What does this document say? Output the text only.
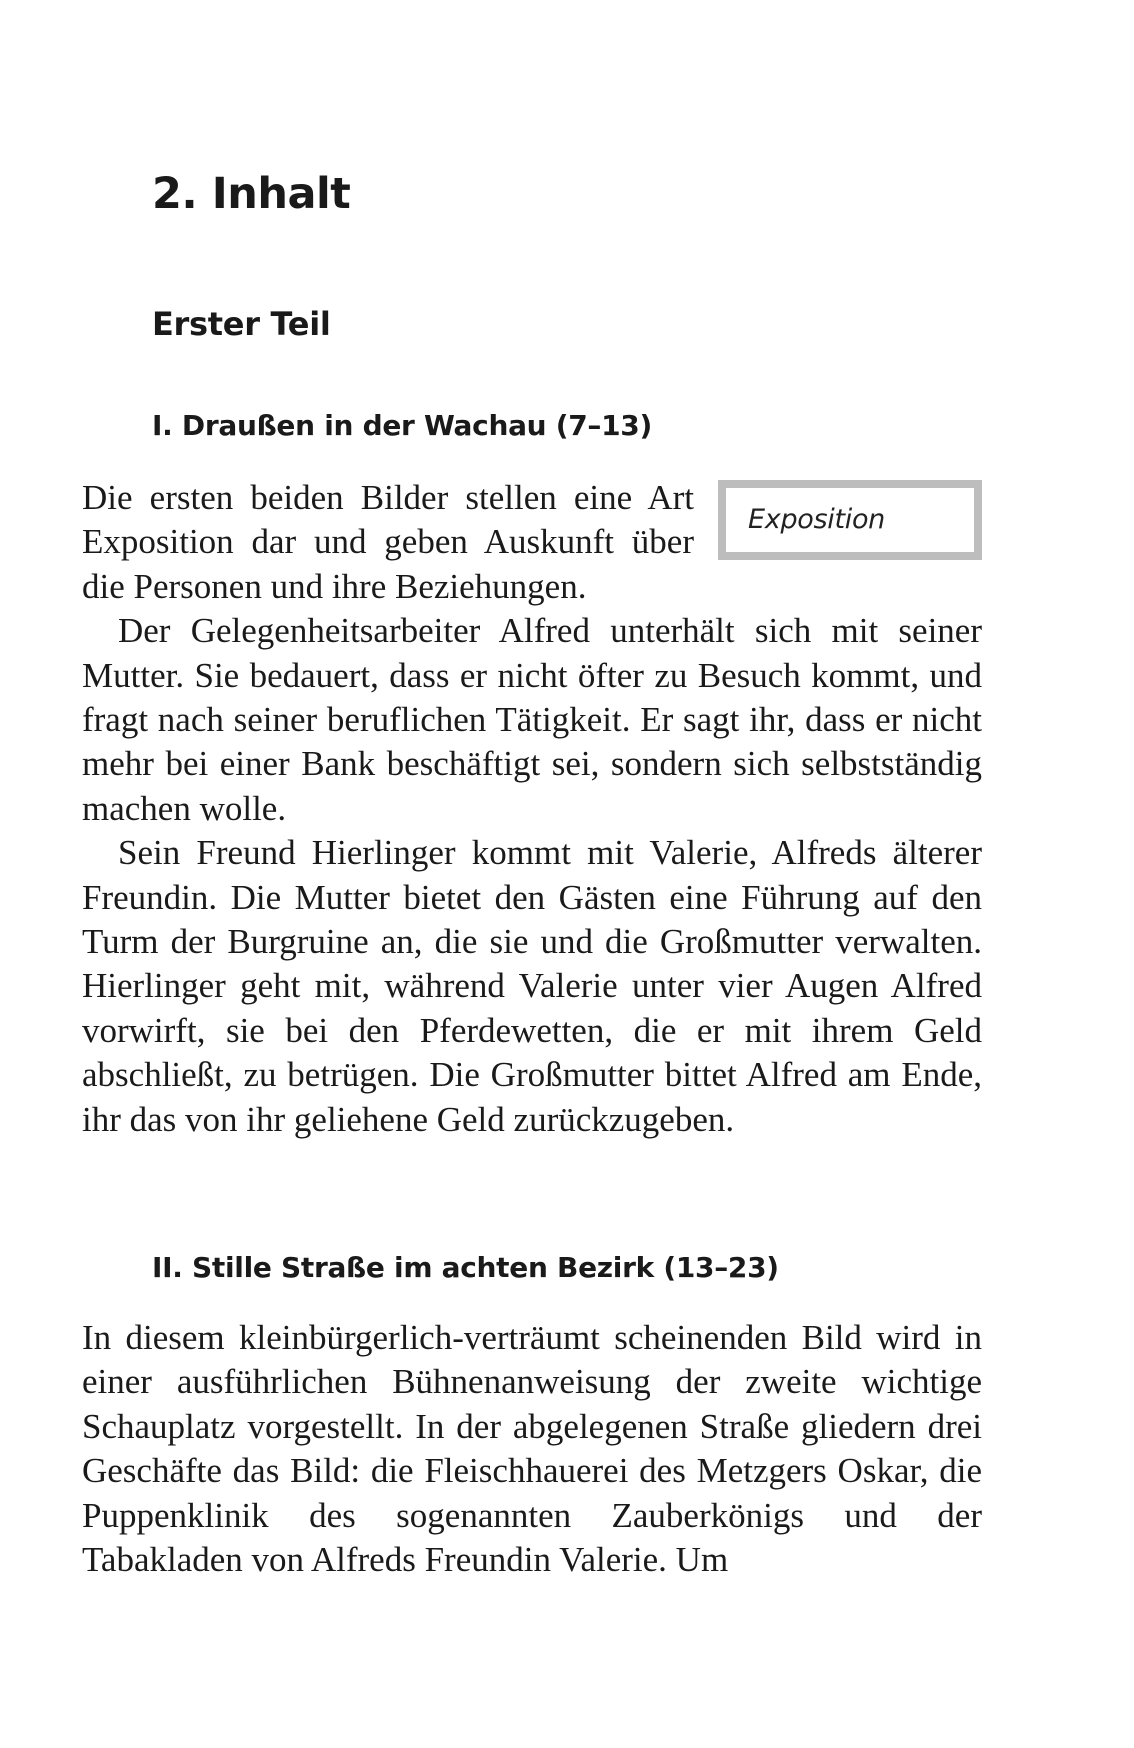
2. Inhalt
Erster Teil
I. Draußen in der Wachau (7–13)
Exposition

Die ersten beiden Bilder stellen eine Art Exposition dar und geben Auskunft über die Personen und ihre Beziehungen.

Der Gelegenheitsarbeiter Alfred unterhält sich mit seiner Mutter. Sie bedauert, dass er nicht öfter zu Besuch kommt, und fragt nach seiner beruflichen Tätigkeit. Er sagt ihr, dass er nicht mehr bei einer Bank beschäftigt sei, sondern sich selbstständig machen wolle.

Sein Freund Hierlinger kommt mit Valerie, Alfreds älterer Freundin. Die Mutter bietet den Gästen eine Führung auf den Turm der Burgruine an, die sie und die Großmutter verwalten. Hierlinger geht mit, während Valerie unter vier Augen Alfred vorwirft, sie bei den Pferdewetten, die er mit ihrem Geld abschließt, zu betrügen. Die Großmutter bittet Alfred am Ende, ihr das von ihr geliehene Geld zurückzugeben.

II. Stille Straße im achten Bezirk (13–23)

In diesem kleinbürgerlich-verträumt scheinenden Bild wird in einer ausführlichen Bühnenanweisung der zweite wichtige Schauplatz vorgestellt. In der abgelegenen Straße gliedern drei Geschäfte das Bild: die Fleischhauerei des Metzgers Oskar, die Puppenklinik des sogenannten Zauberkönigs und der Tabakladen von Alfreds Freundin Valerie. Um
